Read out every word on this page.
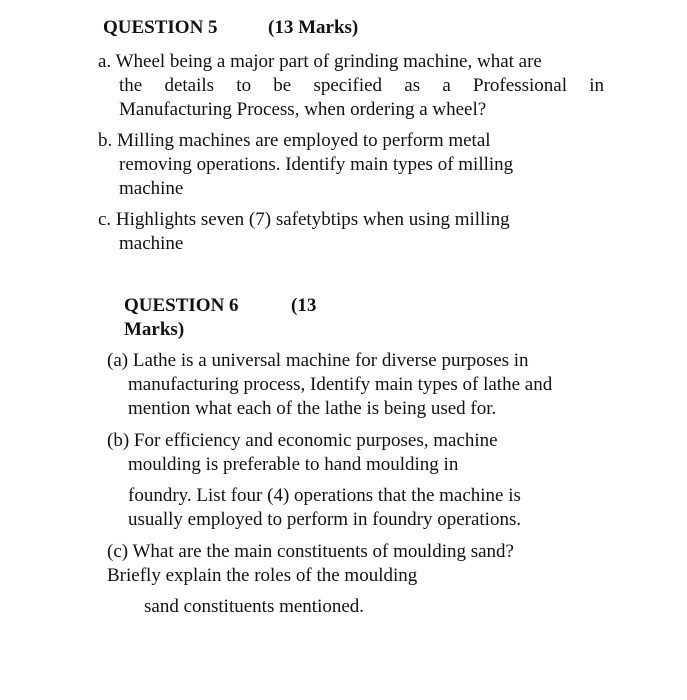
QUESTION 5	(13 Marks)
a. Wheel being a major part of grinding machine, what are
the details to be specified as a Professional in
Manufacturing Process, when ordering a wheel?
b. Milling machines are employed to perform metal
removing operations. Identify main types of milling
machine
c. Highlights seven (7) safetybtips when using milling
machine
QUESTION 6	(13
Marks)
(a) Lathe is a universal machine for diverse purposes in
manufacturing process, Identify main types of lathe and
mention what each of the lathe is being used for.
(b) For efficiency and economic purposes, machine
moulding is preferable to hand moulding in
foundry. List four (4) operations that the machine is
usually employed to perform in foundry operations.
(c) What are the main constituents of moulding sand?
Briefly explain the roles of the moulding
sand constituents mentioned.
